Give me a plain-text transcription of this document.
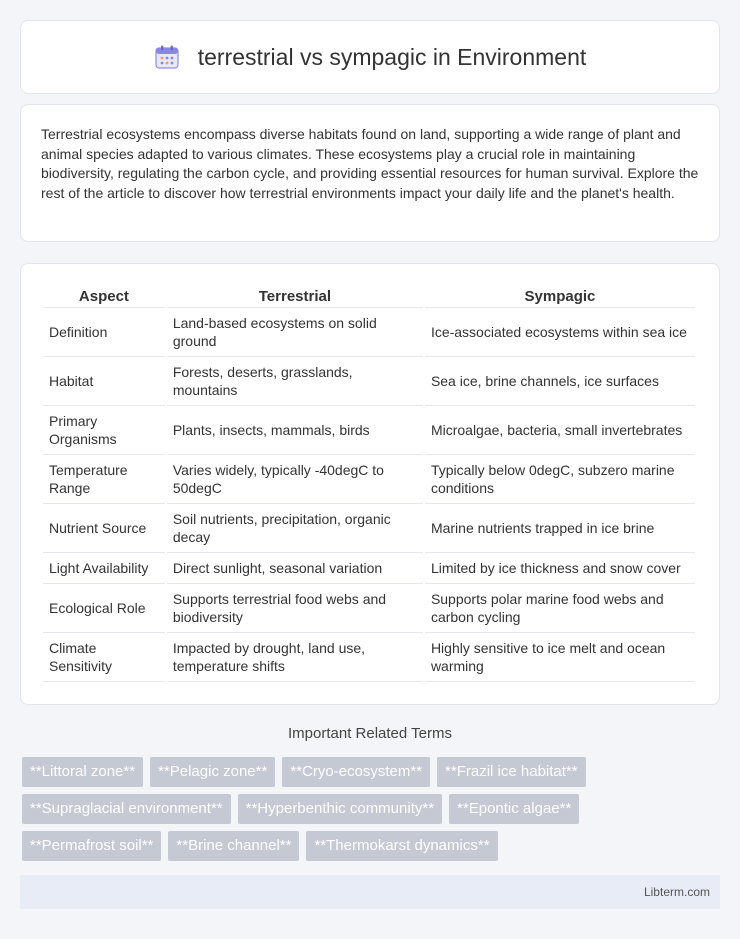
terrestrial vs sympagic in Environment

Terrestrial ecosystems encompass diverse habitats found on land, supporting a wide range of plant and animal species adapted to various climates. These ecosystems play a crucial role in maintaining biodiversity, regulating the carbon cycle, and providing essential resources for human survival. Explore the rest of the article to discover how terrestrial environments impact your daily life and the planet's health.

Aspect	Terrestrial	Sympagic
Definition	Land-based ecosystems on solid ground	Ice-associated ecosystems within sea ice
Habitat	Forests, deserts, grasslands, mountains	Sea ice, brine channels, ice surfaces
Primary Organisms	Plants, insects, mammals, birds	Microalgae, bacteria, small invertebrates
Temperature Range	Varies widely, typically -40degC to 50degC	Typically below 0degC, subzero marine conditions
Nutrient Source	Soil nutrients, precipitation, organic decay	Marine nutrients trapped in ice brine
Light Availability	Direct sunlight, seasonal variation	Limited by ice thickness and snow cover
Ecological Role	Supports terrestrial food webs and biodiversity	Supports polar marine food webs and carbon cycling
Climate Sensitivity	Impacted by drought, land use, temperature shifts	Highly sensitive to ice melt and ocean warming
Important Related Terms
**Littoral zone**	**Pelagic zone**	**Cryo-ecosystem**	**Frazil ice habitat**
**Supraglacial environment**	**Hyperbenthic community**	**Epontic algae**
**Permafrost soil**	**Brine channel**	**Thermokarst dynamics**
Libterm.com
